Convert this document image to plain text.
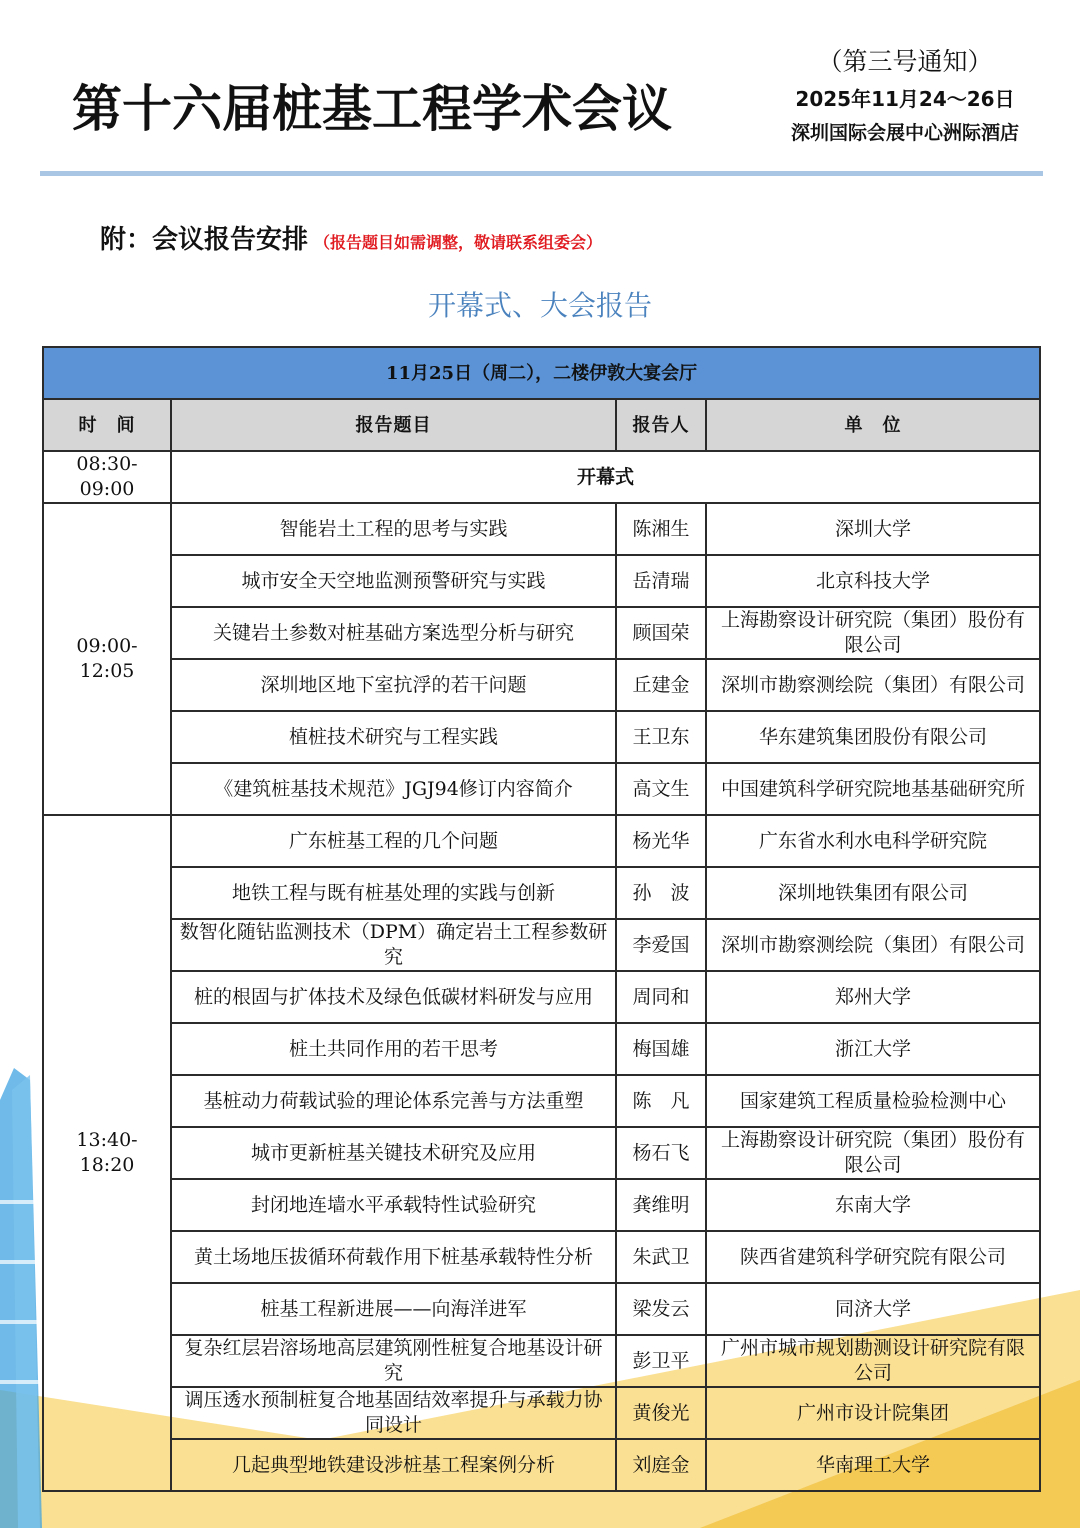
第十六届桩基工程学术会议
（第三号通知）
2025年11月24～26日
深圳国际会展中心洲际酒店
附：会议报告安排 （报告题目如需调整，敬请联系组委会）
开幕式、大会报告
11月25日（周二），二楼伊敦大宴会厅			
时　间	报告题目	报告人	单　位
08:30-09:00	开幕式		
09:00-12:05	智能岩土工程的思考与实践	陈湘生	深圳大学
	城市安全天空地监测预警研究与实践	岳清瑞	北京科技大学
	关键岩土参数对桩基础方案选型分析与研究	顾国荣	上海勘察设计研究院（集团）股份有限公司
	深圳地区地下室抗浮的若干问题	丘建金	深圳市勘察测绘院（集团）有限公司
	植桩技术研究与工程实践	王卫东	华东建筑集团股份有限公司
	《建筑桩基技术规范》JGJ94修订内容简介	高文生	中国建筑科学研究院地基基础研究所
13:40-18:20	广东桩基工程的几个问题	杨光华	广东省水利水电科学研究院
	地铁工程与既有桩基处理的实践与创新	孙　波	深圳地铁集团有限公司
	数智化随钻监测技术（DPM）确定岩土工程参数研究	李爱国	深圳市勘察测绘院（集团）有限公司
	桩的根固与扩体技术及绿色低碳材料研发与应用	周同和	郑州大学
	桩土共同作用的若干思考	梅国雄	浙江大学
	基桩动力荷载试验的理论体系完善与方法重塑	陈　凡	国家建筑工程质量检验检测中心
	城市更新桩基关键技术研究及应用	杨石飞	上海勘察设计研究院（集团）股份有限公司
	封闭地连墙水平承载特性试验研究	龚维明	东南大学
	黄土场地压拔循环荷载作用下桩基承载特性分析	朱武卫	陕西省建筑科学研究院有限公司
	桩基工程新进展——向海洋进军	梁发云	同济大学
	复杂红层岩溶场地高层建筑刚性桩复合地基设计研究	彭卫平	广州市城市规划勘测设计研究院有限公司
	调压透水预制桩复合地基固结效率提升与承载力协同设计	黄俊光	广州市设计院集团
	几起典型地铁建设涉桩基工程案例分析	刘庭金	华南理工大学
